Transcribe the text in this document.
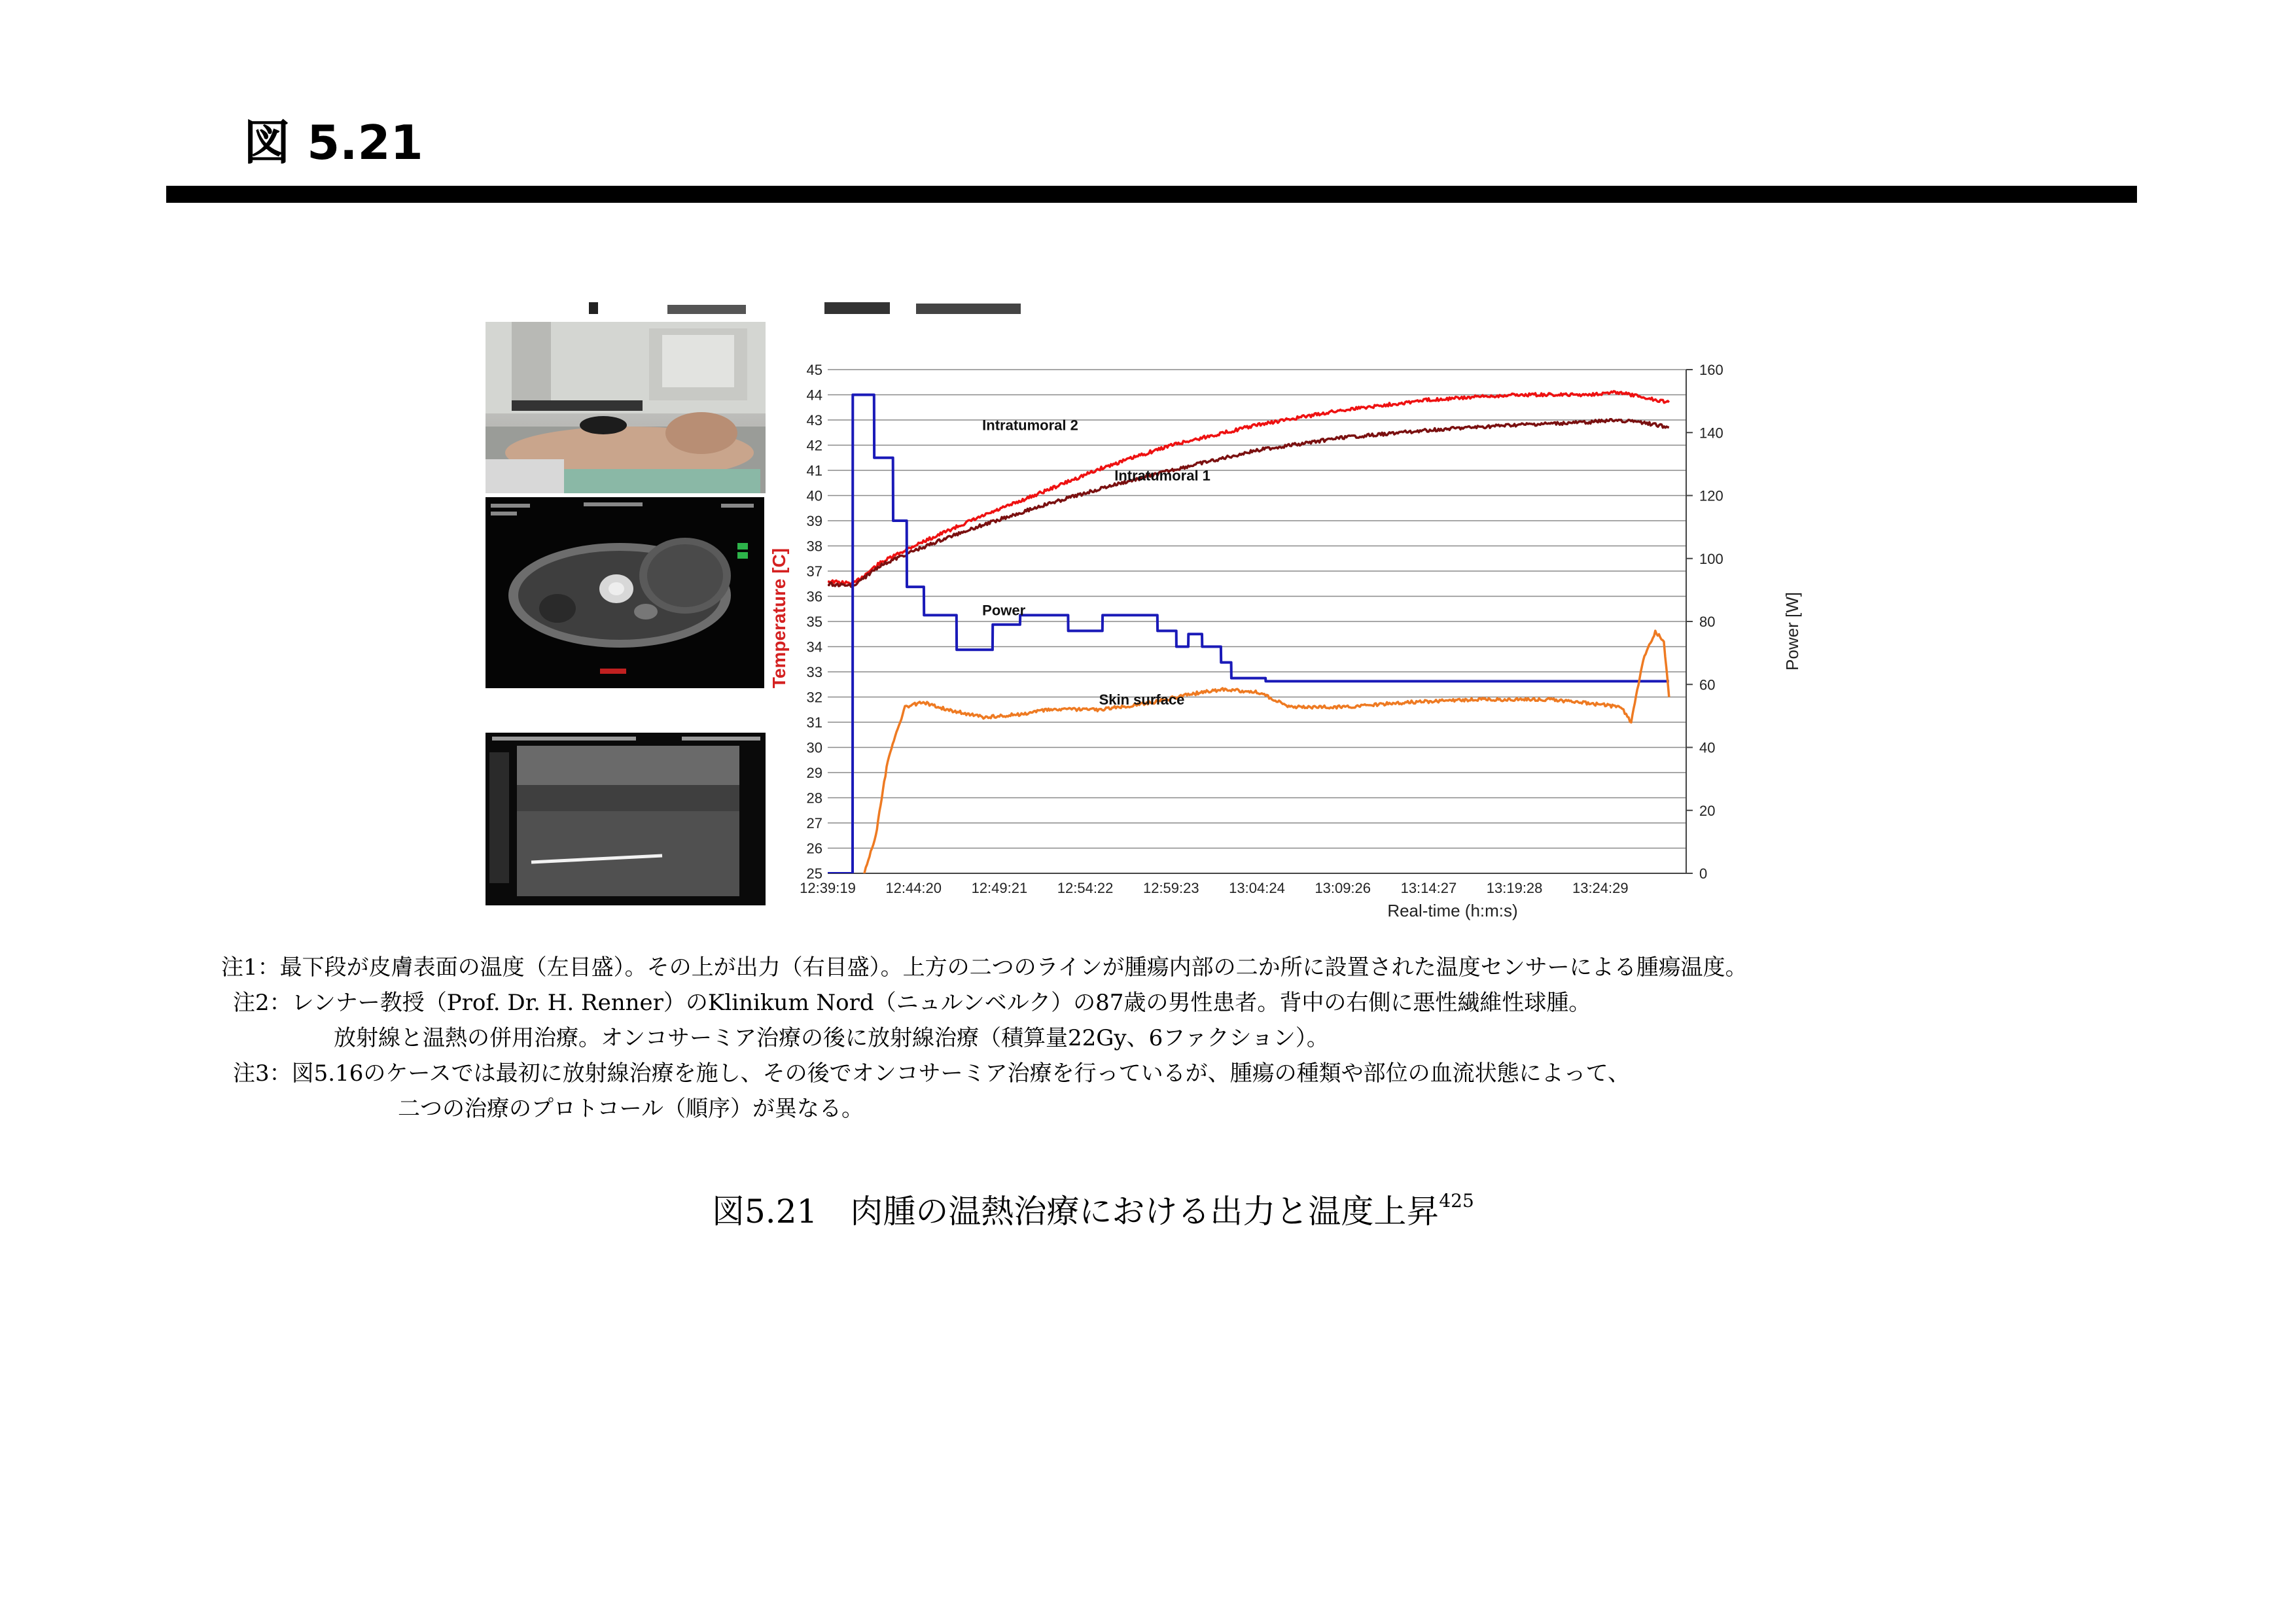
図 5.21
25
26
27
28
29
30
31
32
33
34
35
36
37
38
39
40
41
42
43
44
45
0
20
40
60
80
100
120
140
160
12:39:19 12:44:20 12:49:21 12:54:22 12:59:23 13:04:24 13:09:26 13:14:27 13:19:28 13:24:29
Intratumoral 2
Intratumoral 1
Power
Skin surface
Temperature [C]	Power [W]
Real-time (h:m:s)
注1：最下段が皮膚表面の温度（左目盛）。その上が出力（右目盛）。上方の二つのラインが腫瘍内部の二か所に設置された温度センサーによる腫瘍温度。
注2：レンナー教授（Prof. Dr. H. Renner）のKlinikum Nord（ニュルンベルク）の87歳の男性患者。背中の右側に悪性繊維性球腫。
放射線と温熱の併用治療。オンコサーミア治療の後に放射線治療（積算量22Gy、6ファクション）。
注3：図5.16のケースでは最初に放射線治療を施し、その後でオンコサーミア治療を行っているが、腫瘍の種類や部位の血流状態によって、
二つの治療のプロトコール（順序）が異なる。
図5.21　肉腫の温熱治療における出力と温度上昇$^{425}$
